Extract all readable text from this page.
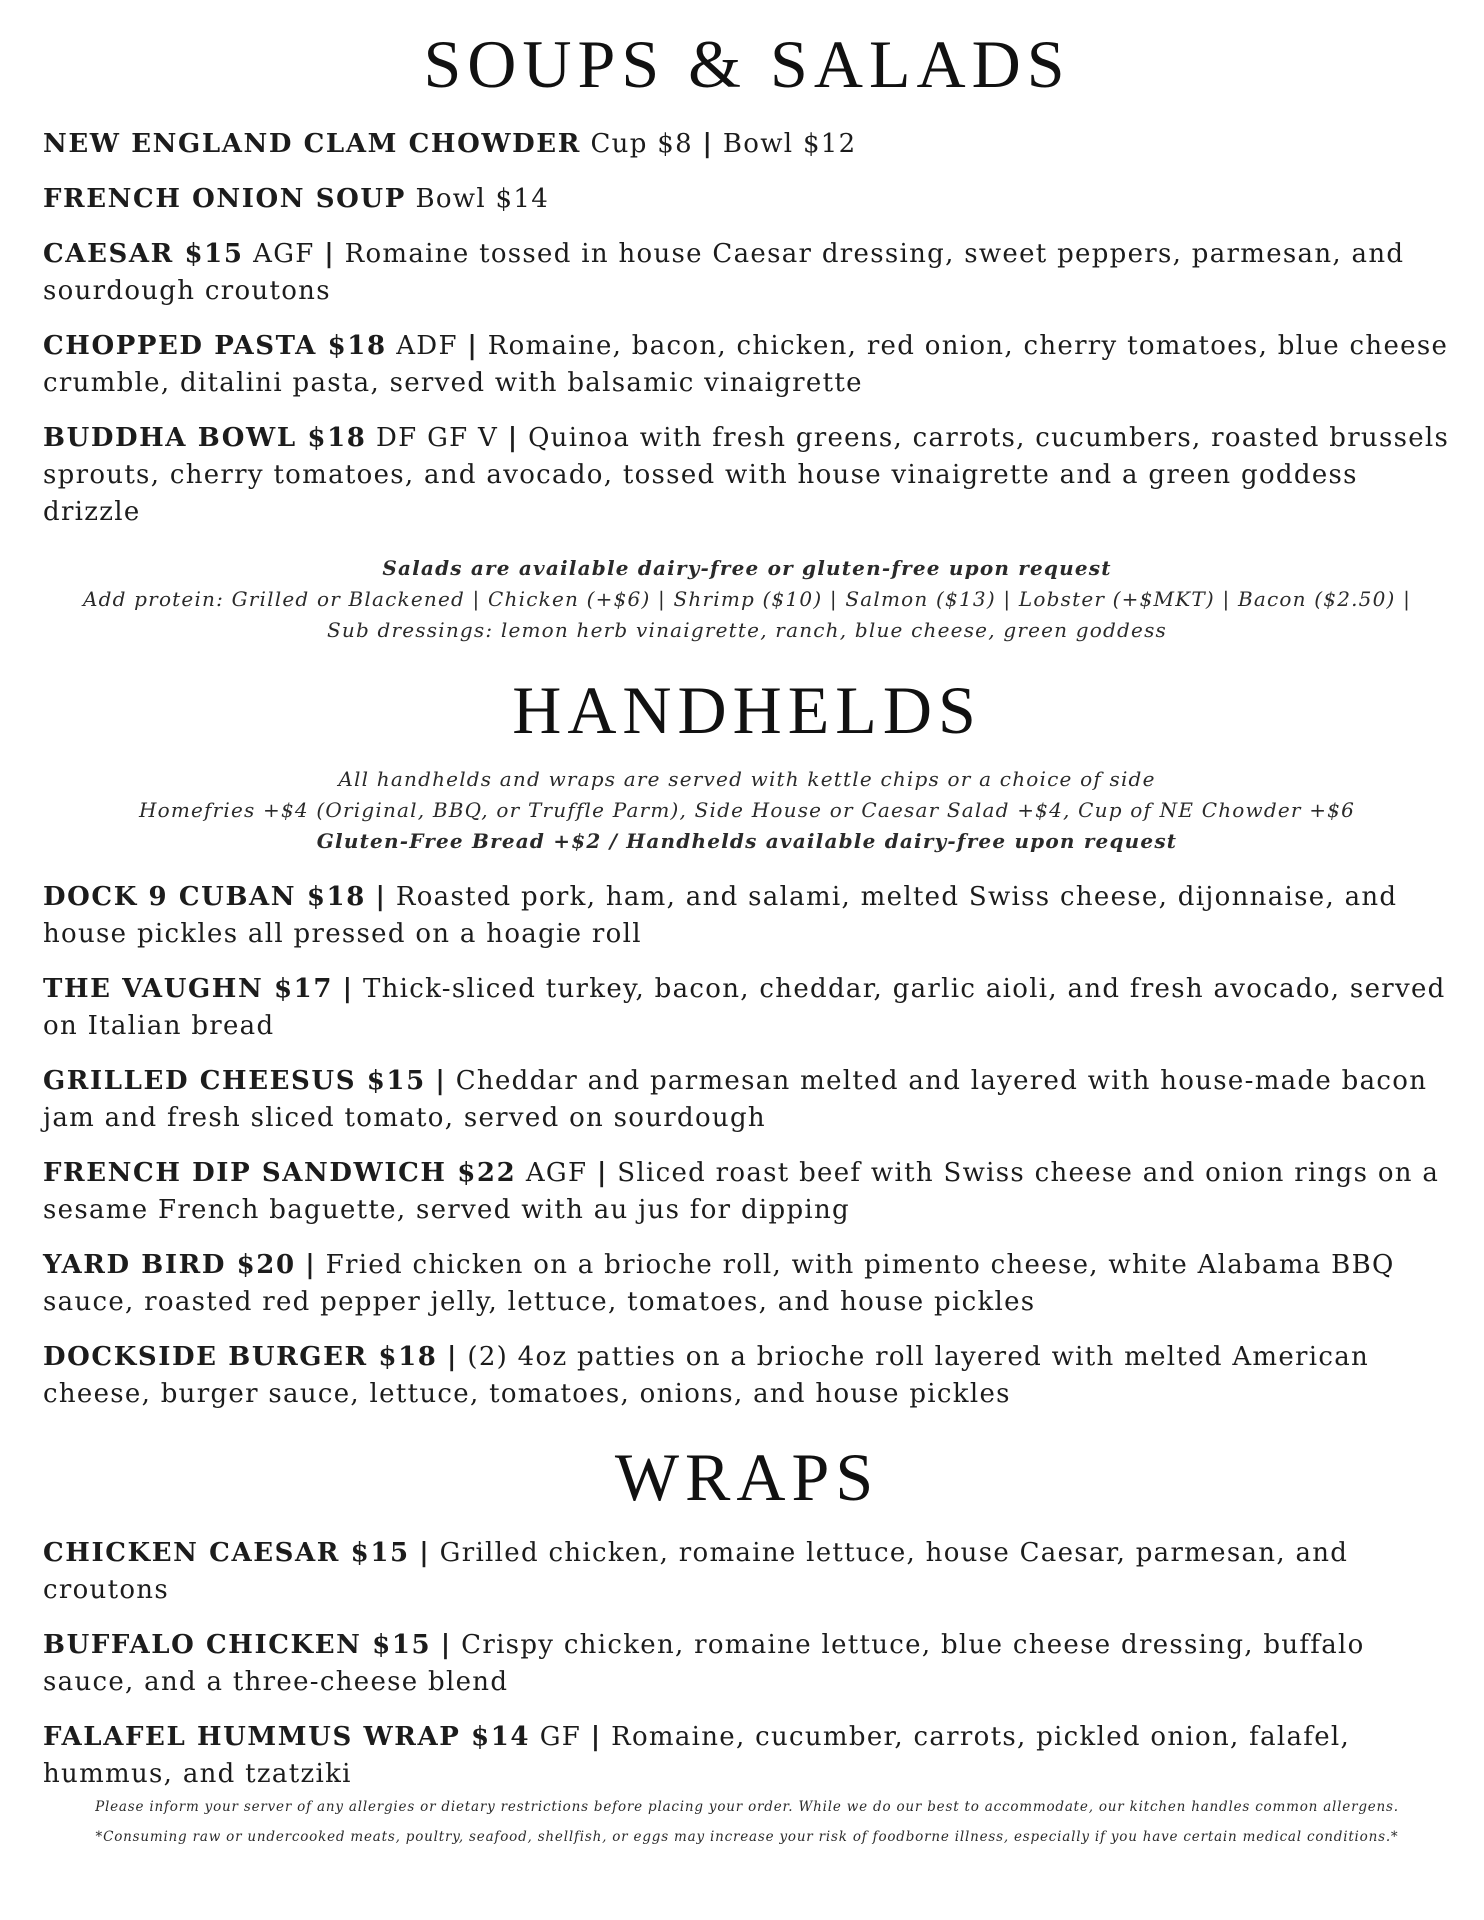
SOUPS & SALADS

NEW ENGLAND CLAM CHOWDER Cup $8 | Bowl $12

FRENCH ONION SOUP Bowl $14

CAESAR $15 AGF | Romaine tossed in house Caesar dressing, sweet peppers, parmesan, and sourdough croutons

CHOPPED PASTA $18 ADF | Romaine, bacon, chicken, red onion, cherry tomatoes, blue cheese crumble, ditalini pasta, served with balsamic vinaigrette

BUDDHA BOWL $18 DF GF V | Quinoa with fresh greens, carrots, cucumbers, roasted brussels sprouts, cherry tomatoes, and avocado, tossed with house vinaigrette and a green goddess drizzle

Salads are available dairy-free or gluten-free upon request

Add protein: Grilled or Blackened | Chicken (+$6) | Shrimp ($10) | Salmon ($13) | Lobster (+$MKT) | Bacon ($2.50) |

Sub dressings: lemon herb vinaigrette, ranch, blue cheese, green goddess

HANDHELDS

All handhelds and wraps are served with kettle chips or a choice of side

Homefries +$4 (Original, BBQ, or Truffle Parm), Side House or Caesar Salad +$4, Cup of NE Chowder +$6

Gluten-Free Bread +$2 / Handhelds available dairy-free upon request

DOCK 9 CUBAN $18 | Roasted pork, ham, and salami, melted Swiss cheese, dijonnaise, and house pickles all pressed on a hoagie roll

THE VAUGHN $17 | Thick-sliced turkey, bacon, cheddar, garlic aioli, and fresh avocado, served on Italian bread

GRILLED CHEESUS $15 | Cheddar and parmesan melted and layered with house-made bacon jam and fresh sliced tomato, served on sourdough

FRENCH DIP SANDWICH $22 AGF | Sliced roast beef with Swiss cheese and onion rings on a sesame French baguette, served with au jus for dipping

YARD BIRD $20 | Fried chicken on a brioche roll, with pimento cheese, white Alabama BBQ sauce, roasted red pepper jelly, lettuce, tomatoes, and house pickles

DOCKSIDE BURGER $18 | (2) 4oz patties on a brioche roll layered with melted American cheese, burger sauce, lettuce, tomatoes, onions, and house pickles

WRAPS

CHICKEN CAESAR $15 | Grilled chicken, romaine lettuce, house Caesar, parmesan, and croutons

BUFFALO CHICKEN $15 | Crispy chicken, romaine lettuce, blue cheese dressing, buffalo sauce, and a three-cheese blend

FALAFEL HUMMUS WRAP $14 GF | Romaine, cucumber, carrots, pickled onion, falafel, hummus, and tzatziki

Please inform your server of any allergies or dietary restrictions before placing your order. While we do our best to accommodate, our kitchen handles common allergens.

*Consuming raw or undercooked meats, poultry, seafood, shellfish, or eggs may increase your risk of foodborne illness, especially if you have certain medical conditions.*
